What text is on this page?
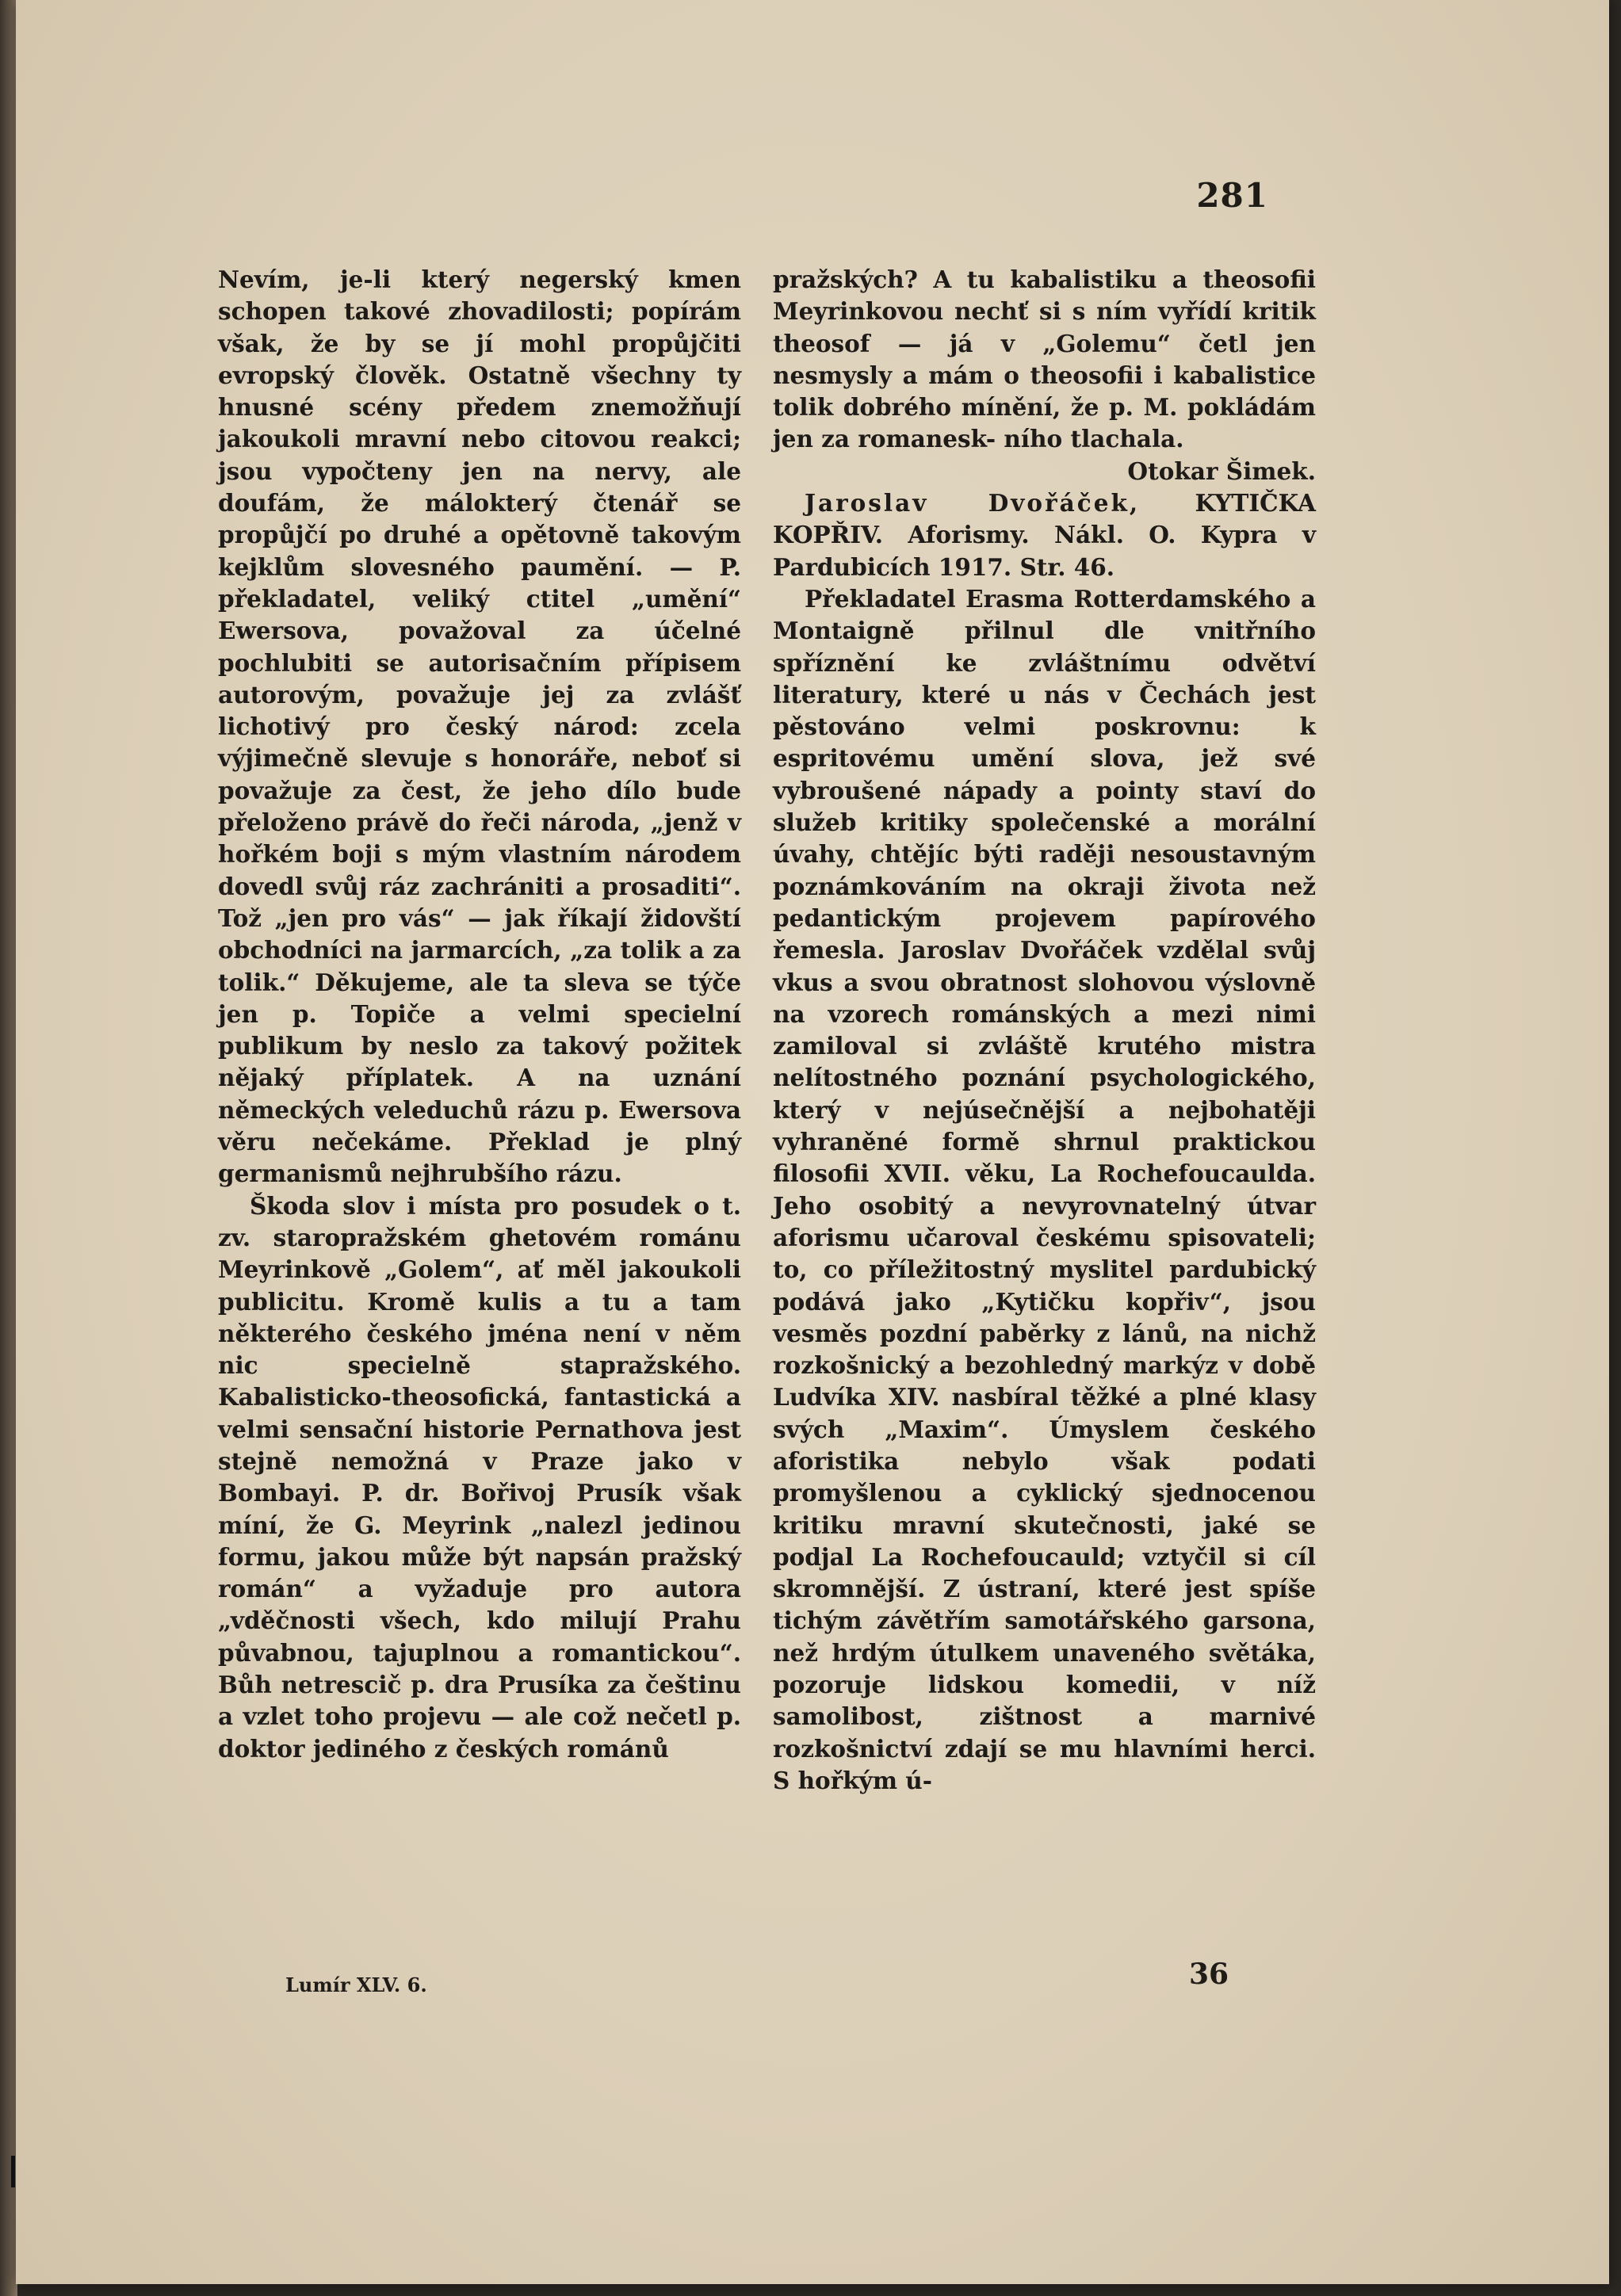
281

Nevím, je-li který negerský kmen schopen takové zhovadilosti; popírám však, že by se jí mohl propůjčiti evropský člověk. Ostatně všechny ty hnusné scény předem znemožňují jakoukoli mravní nebo citovou reakci; jsou vypočteny jen na nervy, ale doufám, že málokterý čtenář se propůjčí po druhé a opětovně takovým kejklům slovesného paumění. — P. překladatel, veliký ctitel „umění“ Ewersova, považoval za účelné pochlubiti se autorisačním přípisem autorovým, považuje jej za zvlášť lichotivý pro český národ: zcela výjimečně slevuje s honoráře, neboť si považuje za čest, že jeho dílo bude přeloženo právě do řeči národa, „jenž v hořkém boji s mým vlastním národem dovedl svůj ráz zachrániti a prosaditi“. Tož „jen pro vás“ — jak říkají židovští obchodníci na jarmarcích, „za tolik a za tolik.“ Děkujeme, ale ta sleva se týče jen p. Topiče a velmi specielní publikum by neslo za takový požitek nějaký příplatek. A na uznání německých veleduchů rázu p. Ewersova věru nečekáme. Překlad je plný germanismů nejhrubšího rázu.

Škoda slov i místa pro posudek o t. zv. staropražském ghetovém románu Meyrinkově „Golem“, ať měl jakoukoli publicitu. Kromě kulis a tu a tam některého českého jména není v něm nic specielně stapražského. Kabalisticko-theosofická, fantastická a velmi sensační historie Pernathova jest stejně nemožná v Praze jako v Bombayi. P. dr. Bořivoj Prusík však míní, že G. Meyrink „nalezl jedinou formu, jakou může být napsán pražský román“ a vyžaduje pro autora „vděčnosti všech, kdo milují Prahu půvabnou, tajuplnou a romantickou“. Bůh netrescič p. dra Prusíka za češtinu a vzlet toho projevu — ale což nečetl p. doktor jediného z českých románů

pražských? A tu kabalistiku a theosofii Meyrinkovou nechť si s ním vyřídí kritik theosof — já v „Golemu“ četl jen nesmysly a mám o theosofii i kabalistice tolik dobrého mínění, že p. M. pokládám jen za romanesk- ního tlachala.

Otokar Šimek.

Jaroslav Dvořáček, KYTIČKA KOPŘIV. Aforismy. Nákl. O. Kypra v Pardubicích 1917. Str. 46.

Překladatel Erasma Rotterdamského a Montaigně přilnul dle vnitřního spříznění ke zvláštnímu odvětví literatury, které u nás v Čechách jest pěstováno velmi poskrovnu: k espritovému umění slova, jež své vybroušené nápady a pointy staví do služeb kritiky společenské a morální úvahy, chtějíc býti raději nesoustavným poznámkováním na okraji života než pedantickým projevem papírového řemesla. Jaroslav Dvořáček vzdělal svůj vkus a svou obratnost slohovou výslovně na vzorech románských a mezi nimi zamiloval si zvláště krutého mistra nelítostného poznání psychologického, který v nejúsečnější a nejbohatěji vyhraněné formě shrnul praktickou filosofii XVII. věku, La Rochefoucaulda. Jeho osobitý a nevyrovnatelný útvar aforismu učaroval českému spisovateli; to, co příležitostný myslitel pardubický podává jako „Kytičku kopřiv“, jsou vesměs pozdní paběrky z lánů, na nichž rozkošnický a bezohledný markýz v době Ludvíka XIV. nasbíral těžké a plné klasy svých „Maxim“. Úmyslem českého aforistika nebylo však podati promyšlenou a cyklický sjednocenou kritiku mravní skutečnosti, jaké se podjal La Rochefoucauld; vztyčil si cíl skromnější. Z ústraní, které jest spíše tichým závětřím samotářského garsona, než hrdým útulkem unaveného světáka, pozoruje lidskou komedii, v níž samolibost, zištnost a marnivé rozkošnictví zdají se mu hlavními herci. S hořkým ú-

Lumír XLV. 6.	36
